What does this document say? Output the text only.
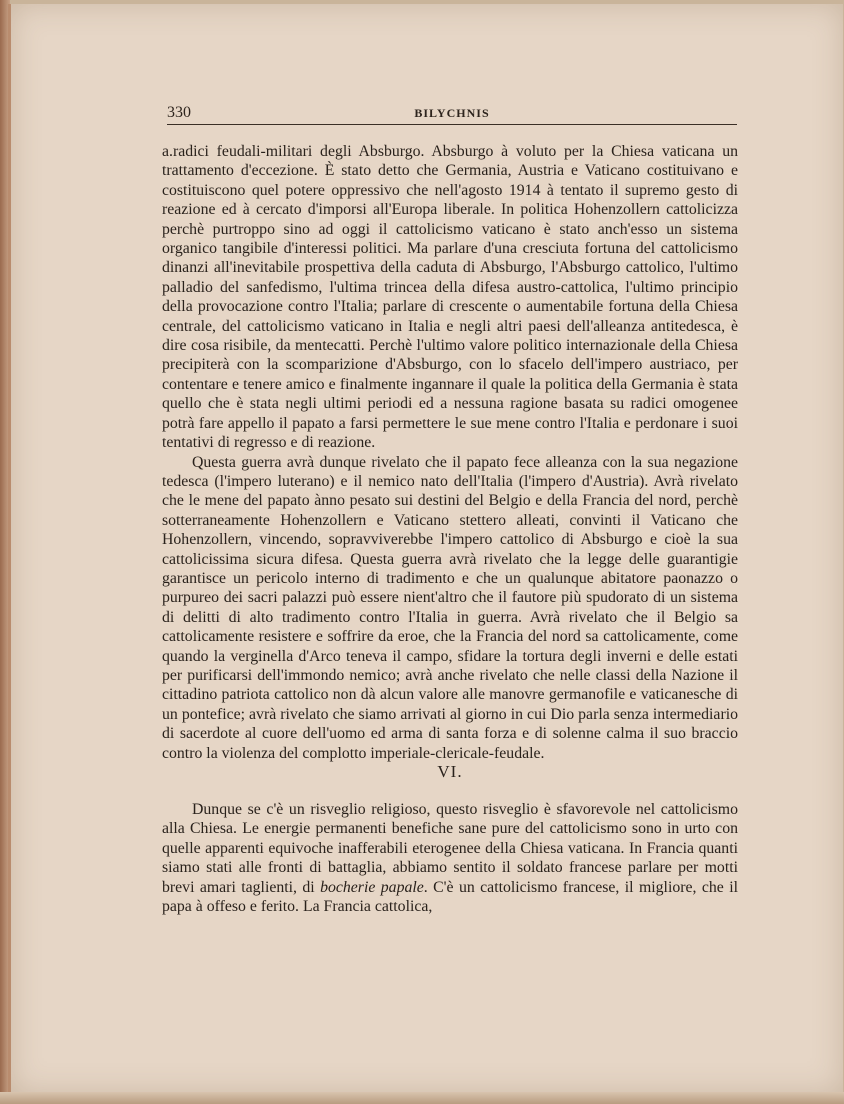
330	BILYCHNIS

a.radici feudali-militari degli Absburgo. Absburgo à voluto per la Chiesa vaticana un trattamento d'eccezione. È stato detto che Germania, Austria e Vaticano costituivano e costituiscono quel potere oppressivo che nell'agosto 1914 à tentato il supremo gesto di reazione ed à cercato d'imporsi all'Europa liberale. In politica Hohenzollern cattolicizza perchè purtroppo sino ad oggi il cattolicismo vaticano è stato anch'esso un sistema organico tangibile d'interessi politici. Ma parlare d'una cresciuta fortuna del cattolicismo dinanzi all'inevitabile prospettiva della caduta di Absburgo, l'Absburgo cattolico, l'ultimo palladio del sanfedismo, l'ultima trincea della difesa austro-cattolica, l'ultimo principio della provocazione contro l'Italia; parlare di crescente o aumentabile fortuna della Chiesa centrale, del cattolicismo vaticano in Italia e negli altri paesi dell'alleanza antitedesca, è dire cosa risibile, da mentecatti. Perchè l'ultimo valore politico internazionale della Chiesa precipiterà con la scomparizione d'Absburgo, con lo sfacelo dell'impero austriaco, per contentare e tenere amico e finalmente ingannare il quale la politica della Germania è stata quello che è stata negli ultimi periodi ed a nessuna ragione basata su radici omogenee potrà fare appello il papato a farsi permettere le sue mene contro l'Italia e perdonare i suoi tentativi di regresso e di reazione.

Questa guerra avrà dunque rivelato che il papato fece alleanza con la sua negazione tedesca (l'impero luterano) e il nemico nato dell'Italia (l'impero d'Austria). Avrà rivelato che le mene del papato ànno pesato sui destini del Belgio e della Francia del nord, perchè sotterraneamente Hohenzollern e Vaticano stettero alleati, convinti il Vaticano che Hohenzollern, vincendo, sopravviverebbe l'impero cattolico di Absburgo e cioè la sua cattolicissima sicura difesa. Questa guerra avrà rivelato che la legge delle guarantigie garantisce un pericolo interno di tradimento e che un qualunque abitatore paonazzo o purpureo dei sacri palazzi può essere nient'altro che il fautore più spudorato di un sistema di delitti di alto tradimento contro l'Italia in guerra. Avrà rivelato che il Belgio sa cattolicamente resistere e soffrire da eroe, che la Francia del nord sa cattolicamente, come quando la verginella d'Arco teneva il campo, sfidare la tortura degli inverni e delle estati per purificarsi dell'immondo nemico; avrà anche rivelato che nelle classi della Nazione il cittadino patriota cattolico non dà alcun valore alle manovre germanofile e vaticanesche di un pontefice; avrà rivelato che siamo arrivati al giorno in cui Dio parla senza intermediario di sacerdote al cuore dell'uomo ed arma di santa forza e di solenne calma il suo braccio contro la violenza del complotto imperiale-clericale-feudale.

VI.

Dunque se c'è un risveglio religioso, questo risveglio è sfavorevole nel cattolicismo alla Chiesa. Le energie permanenti benefiche sane pure del cattolicismo sono in urto con quelle apparenti equivoche inafferabili eterogenee della Chiesa vaticana. In Francia quanti siamo stati alle fronti di battaglia, abbiamo sentito il soldato francese parlare per motti brevi amari taglienti, di bocherie papale. C'è un cattolicismo francese, il migliore, che il papa à offeso e ferito. La Francia cattolica,
